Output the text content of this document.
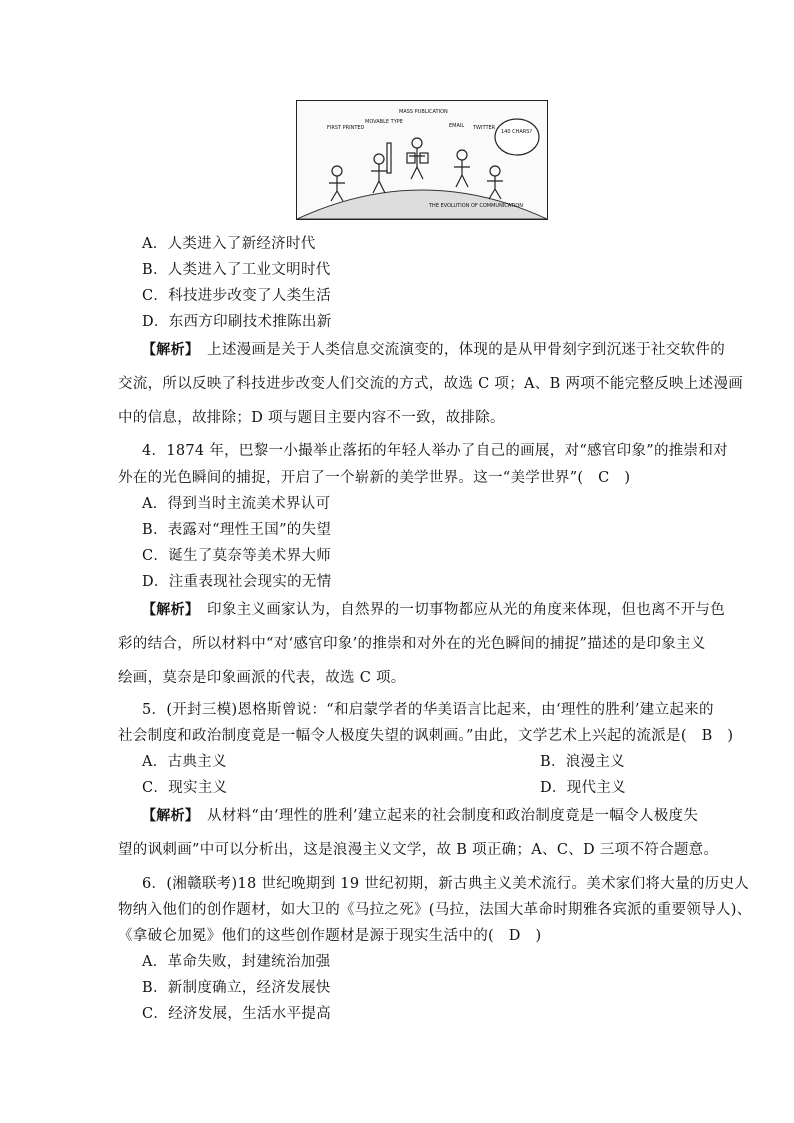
FIRST PRINTED
MOVABLE TYPE
MASS PUBLICATION
EMAIL TWITTER
140 CHARS?
THE EVOLUTION OF COMMUNICATION
A．人类进入了新经济时代
B．人类进入了工业文明时代
C．科技进步改变了人类生活
D．东西方印刷技术推陈出新
【解析】　 上述漫画是关于人类信息交流演变的，体现的是从甲骨刻字到沉迷于社交软件的
交流，所以反映了科技进步改变人们交流的方式，故选 C 项；A、B 两项不能完整反映上述漫画
中的信息，故排除；D 项与题目主要内容不一致，故排除。
4．1874 年，巴黎一小撮举止落拓的年轻人举办了自己的画展，对“感官印象”的推崇和对
外在的光色瞬间的捕捉，开启了一个崭新的美学世界。这一“美学世界”(　C　)
A．得到当时主流美术界认可
B．表露对“理性王国”的失望
C．诞生了莫奈等美术界大师
D．注重表现社会现实的无情
【解析】　 印象主义画家认为，自然界的一切事物都应从光的角度来体现，但也离不开与色
彩的结合，所以材料中“对‘感官印象’的推崇和对外在的光色瞬间的捕捉”描述的是印象主义
绘画，莫奈是印象画派的代表，故选 C 项。
5．(开封三模)恩格斯曾说：“和启蒙学者的华美语言比起来，由‘理性的胜利’建立起来的
社会制度和政治制度竟是一幅令人极度失望的讽刺画。”由此，文学艺术上兴起的流派是(　B　)
A．古典主义	B．浪漫主义
C．现实主义	D．现代主义
【解析】　 从材料“由‘理性的胜利’建立起来的社会制度和政治制度竟是一幅令人极度失
望的讽刺画”中可以分析出，这是浪漫主义文学，故 B 项正确；A、C、D 三项不符合题意。
6．(湘赣联考)18 世纪晚期到 19 世纪初期，新古典主义美术流行。美术家们将大量的历史人
物纳入他们的创作题材，如大卫的《马拉之死》(马拉，法国大革命时期雅各宾派的重要领导人)、
《拿破仑加冕》他们的这些创作题材是源于现实生活中的(　D　)
A．革命失败，封建统治加强
B．新制度确立，经济发展快
C．经济发展，生活水平提高
